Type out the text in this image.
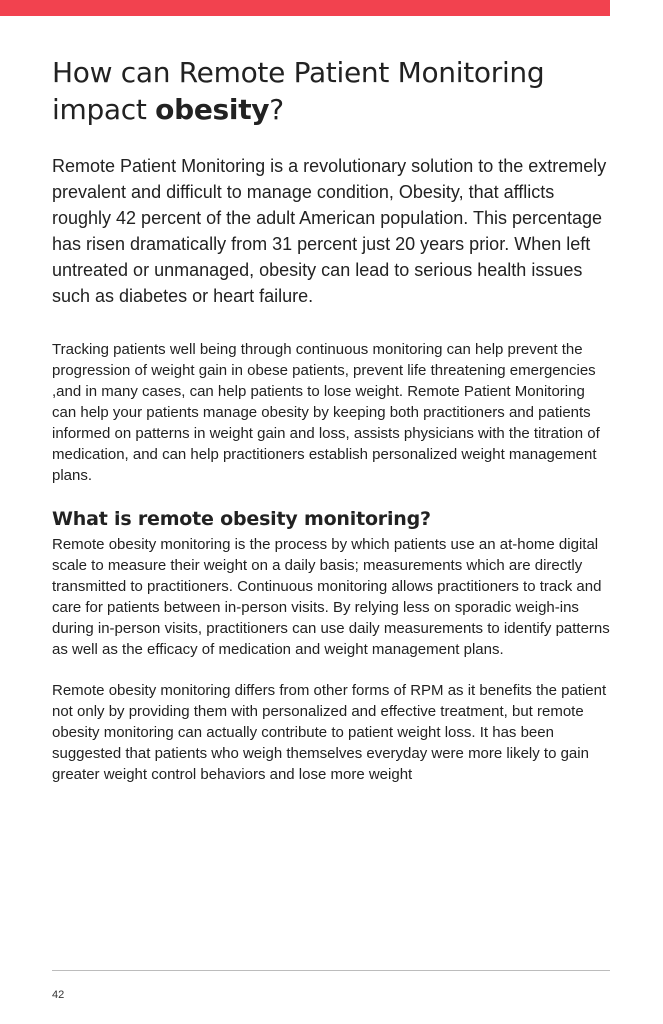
How can Remote Patient Monitoring impact obesity?

Remote Patient Monitoring is a revolutionary solution to the extremely prevalent and difficult to manage condition, Obesity, that afflicts roughly 42 percent of the adult American population. This percentage has risen dramatically from 31 percent just 20 years prior. When left untreated or unmanaged, obesity can lead to serious health issues such as diabetes or heart failure.

Tracking patients well being through continuous monitoring can help prevent the progression of weight gain in obese patients, prevent life threatening emergencies ,and in many cases, can help patients to lose weight. Remote Patient Monitoring can help your patients manage obesity by keeping both practitioners and patients informed on patterns in weight gain and loss, assists physicians with the titration of medication, and can help practitioners establish personalized weight management plans.

What is remote obesity monitoring?

Remote obesity monitoring is the process by which patients use an at-home digital scale to measure their weight on a daily basis; measurements which are directly transmitted to practitioners. Continuous monitoring allows practitioners to track and care for patients between in-person visits. By relying less on sporadic weigh-ins during in-person visits, practitioners can use daily measurements to identify patterns as well as the efficacy of medication and weight management plans.

Remote obesity monitoring differs from other forms of RPM as it benefits the patient not only by providing them with personalized and effective treatment, but remote obesity monitoring can actually contribute to patient weight loss. It has been suggested that patients who weigh themselves everyday were more likely to gain greater weight control behaviors and lose more weight

42
